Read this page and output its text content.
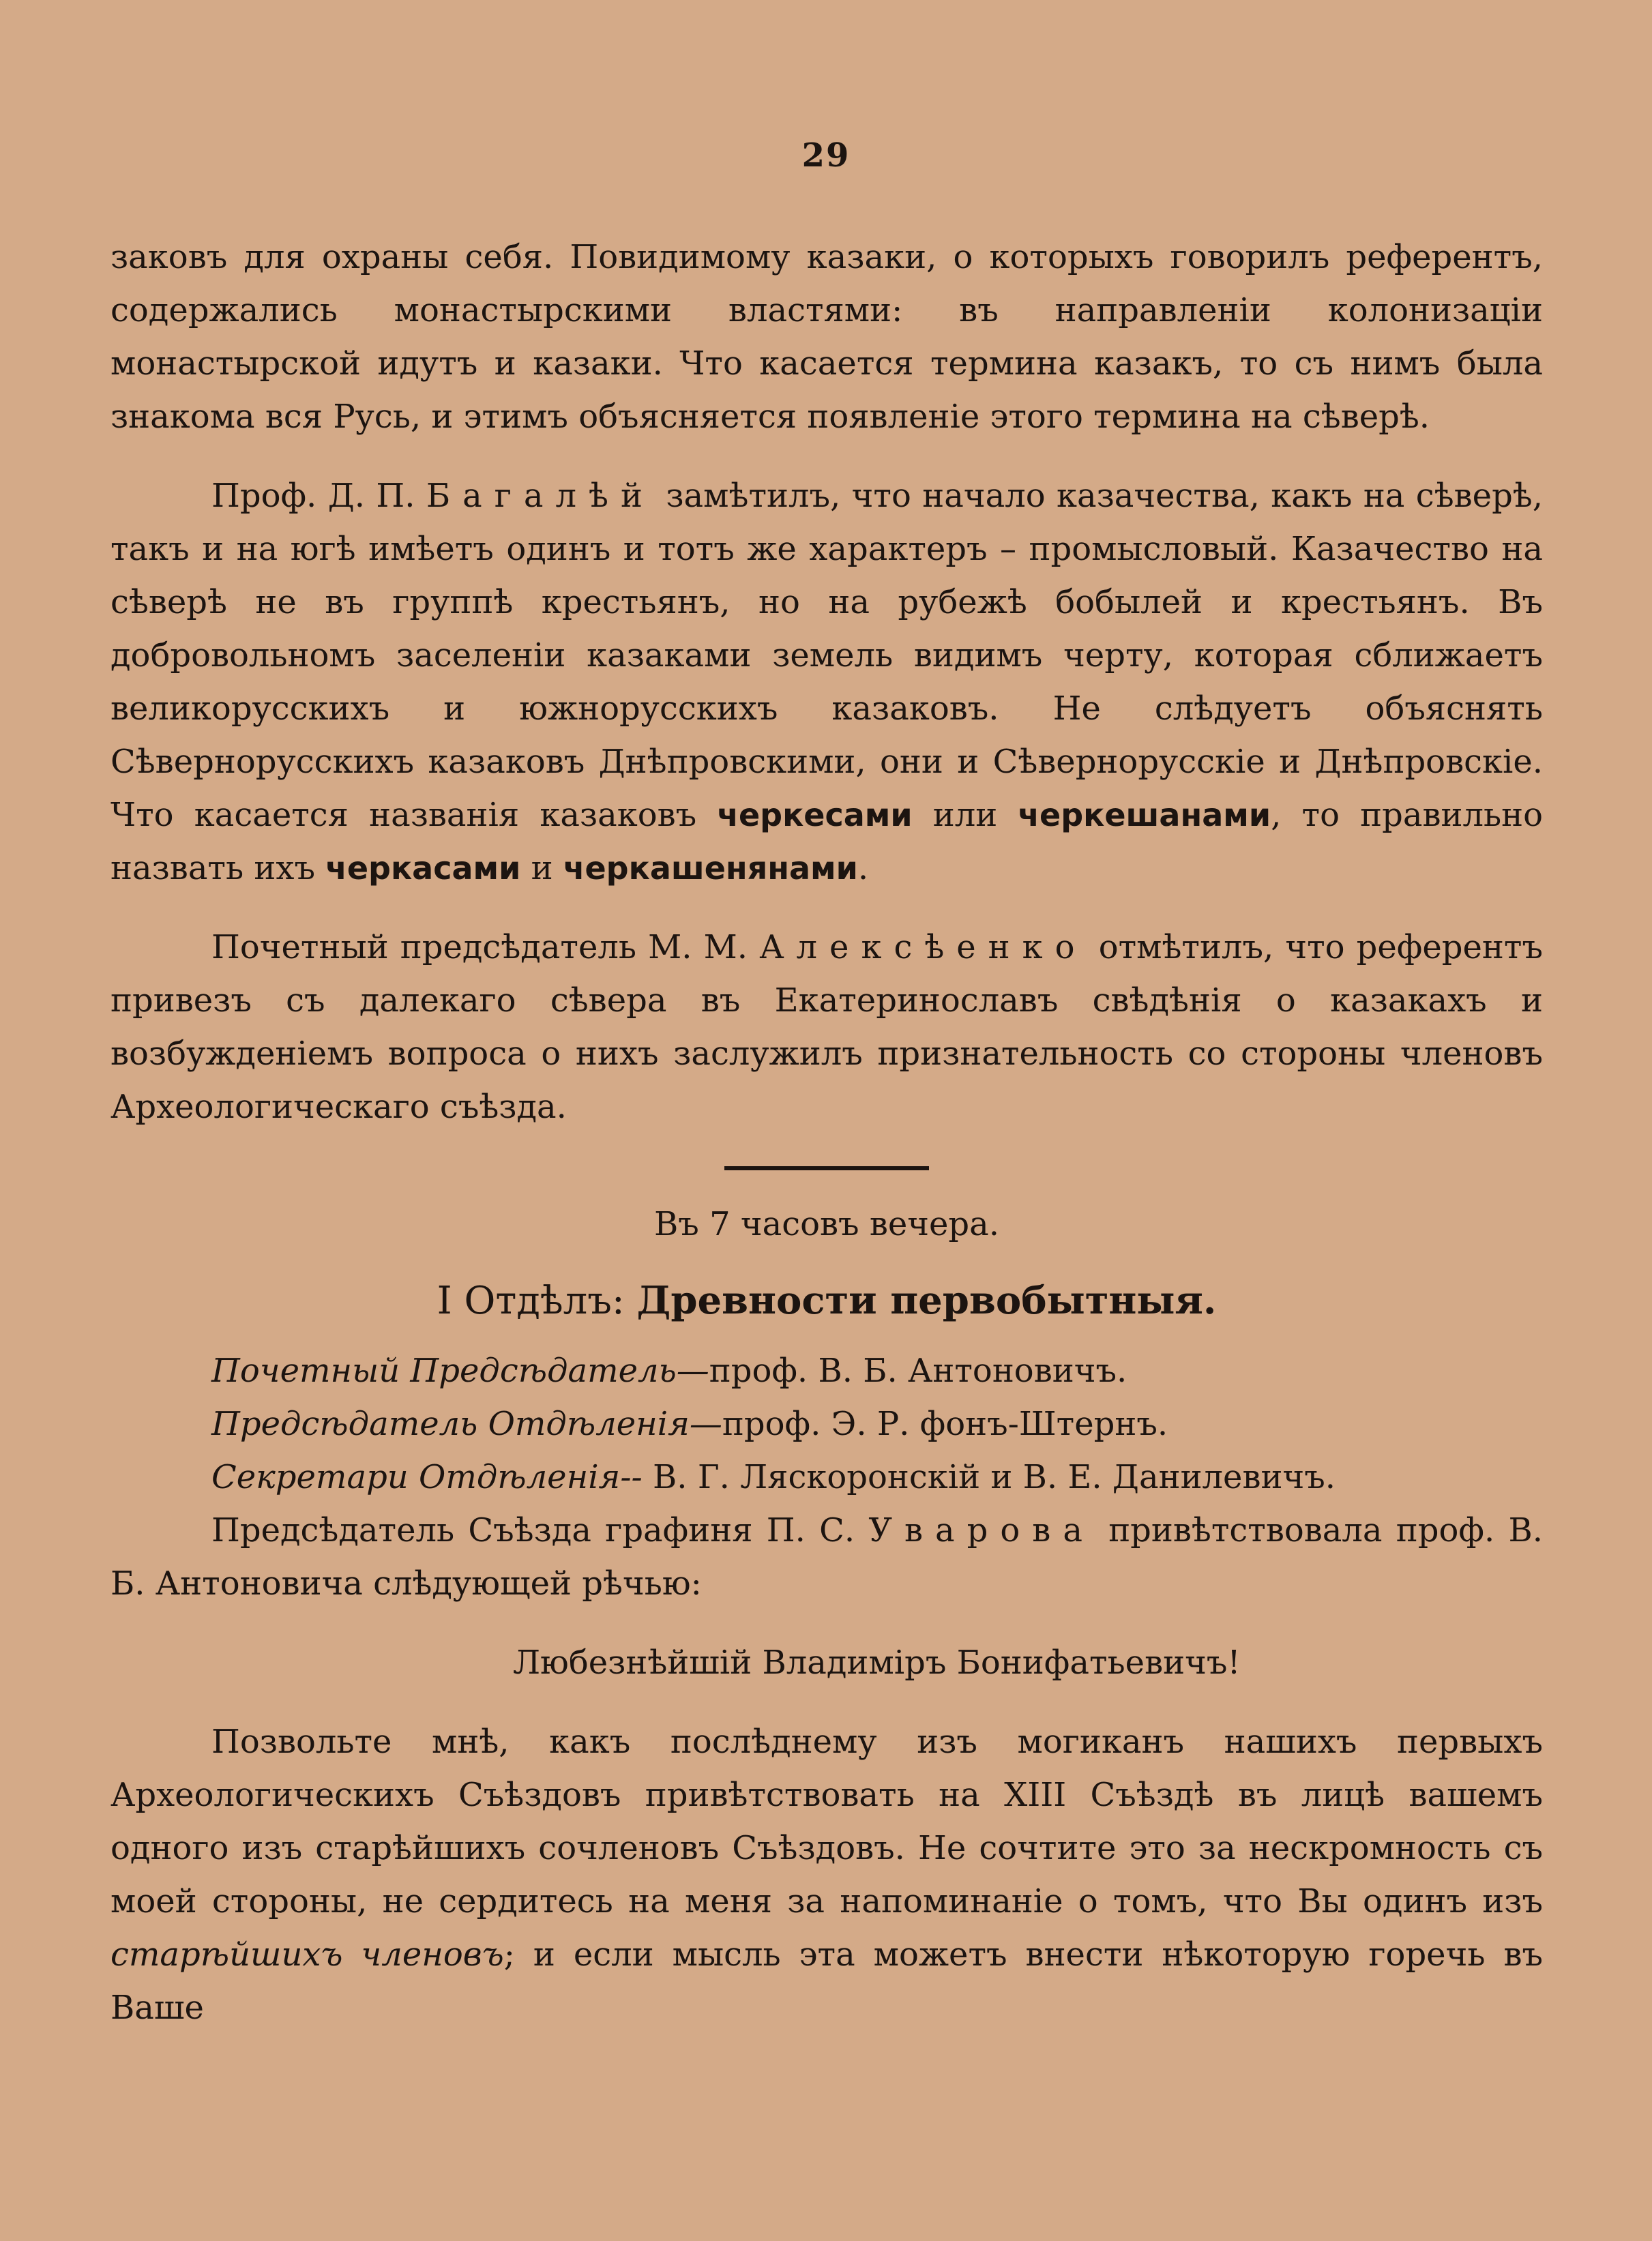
29

заковъ для охраны себя. Повидимому казаки, о которыхъ говорилъ референтъ, содержались монастырскими властями: въ направленіи колонизаціи монастырской идутъ и казаки. Что касается термина казакъ, то съ нимъ была знакома вся Русь, и этимъ объясняется появленіе этого термина на сѣверѣ.

Проф. Д. П. Багалѣй замѣтилъ, что начало казачества, какъ на сѣверѣ, такъ и на югѣ имѣетъ одинъ и тотъ же характеръ – промысловый. Казачество на сѣверѣ не въ группѣ крестьянъ, но на рубежѣ бобылей и крестьянъ. Въ добровольномъ заселеніи казаками земель видимъ черту, которая сближаетъ великорусскихъ и южнорусскихъ казаковъ. Не слѣдуетъ объяснять Сѣвернорусскихъ казаковъ Днѣпровскими, они и Сѣвернорусскіе и Днѣпровскіе. Что касается названія казаковъ черкесами или черкешанами, то правильно назвать ихъ черкасами и черкашенянами.

Почетный предсѣдатель М. М. Алексѣенко отмѣтилъ, что референтъ привезъ съ далекаго сѣвера въ Екатеринославъ свѣдѣнія о казакахъ и возбужденіемъ вопроса о нихъ заслужилъ признательность со стороны членовъ Археологическаго съѣзда.

Въ 7 часовъ вечера.

I Отдѣлъ: Древности первобытныя.

Почетный Предсѣдатель—проф. В. Б. Антоновичъ.

Предсѣдатель Отдѣленія—проф. Э. Р. фонъ-Штернъ.

Секретари Отдѣленія-- В. Г. Ляскоронскій и В. Е. Данилевичъ.

Предсѣдатель Съѣзда графиня П. С. Уварова привѣтствовала проф. В. Б. Антоновича слѣдующей рѣчью:

Любезнѣйшій Владиміръ Бонифатьевичъ!

Позвольте мнѣ, какъ послѣднему изъ могиканъ нашихъ первыхъ Археологическихъ Съѣздовъ привѣтствовать на XIII Съѣздѣ въ лицѣ вашемъ одного изъ старѣйшихъ сочленовъ Съѣздовъ. Не сочтите это за нескромность съ моей стороны, не сердитесь на меня за напоминаніе о томъ, что Вы одинъ изъ старѣйшихъ членовъ; и если мысль эта можетъ внести нѣкоторую горечь въ Ваше
